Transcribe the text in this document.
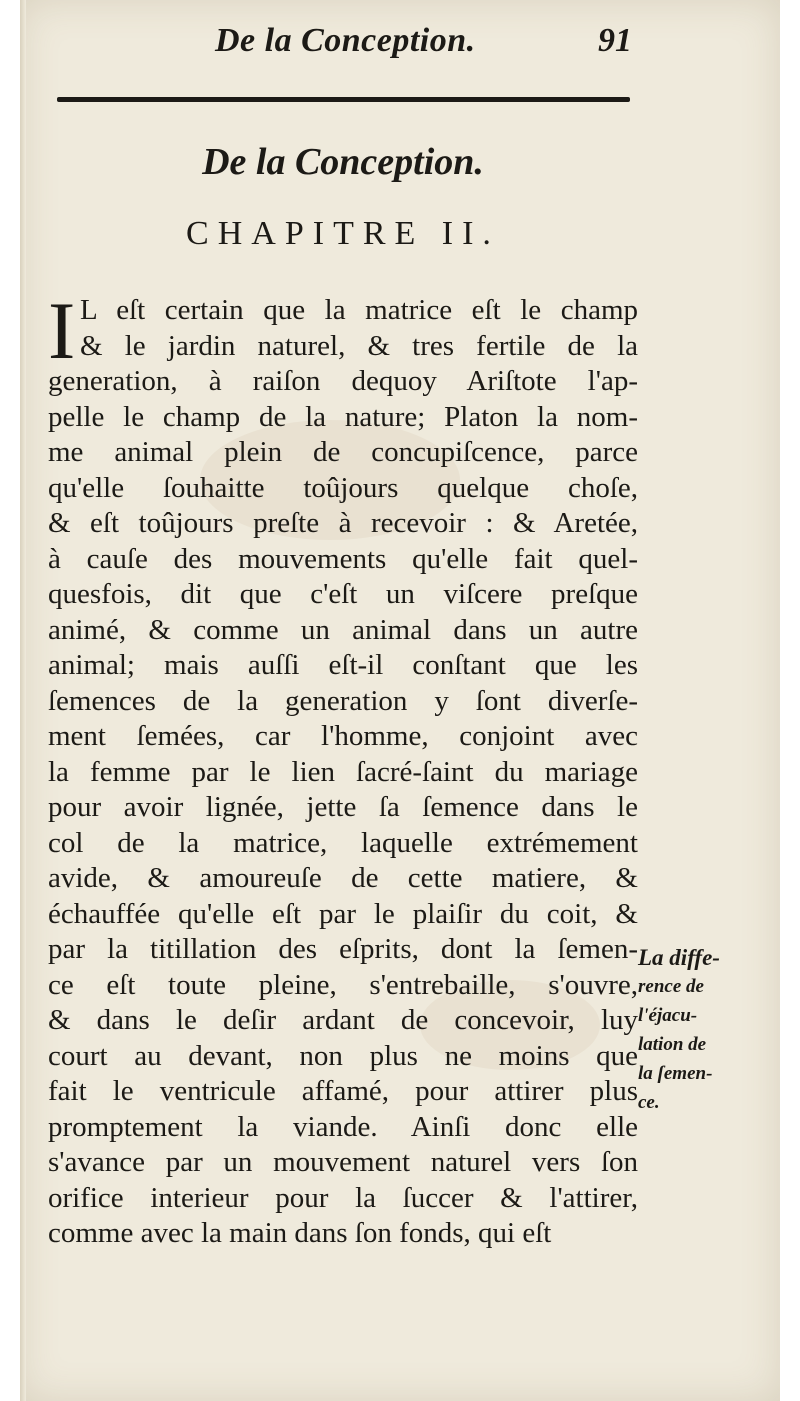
De la Conception.	91
De la Conception.
CHAPITRE II.
I L eſt certain que la matrice eſt le champ
& le jardin naturel, & tres fertile de la
generation, à raiſon dequoy Ariſtote l'ap-
pelle le champ de la nature; Platon la nom-
me animal plein de concupiſcence, parce
qu'elle ſouhaitte toûjours quelque choſe,
& eſt toûjours preſte à recevoir : & Aretée,
à cauſe des mouvements qu'elle fait quel-
quesfois, dit que c'eſt un viſcere preſque
animé, & comme un animal dans un autre
animal; mais auſſi eſt-il conſtant que les
ſemences de la generation y ſont diverſe-
ment ſemées, car l'homme, conjoint avec
la femme par le lien ſacré-ſaint du mariage
pour avoir lignée, jette ſa ſemence dans le
col de la matrice, laquelle extrémement
avide, & amoureuſe de cette matiere, &
échauffée qu'elle eſt par le plaiſir du coit, &
par la titillation des eſprits, dont la ſemen-
ce eſt toute pleine, s'entrebaille, s'ouvre,
& dans le deſir ardant de concevoir, luy
court au devant, non plus ne moins que
fait le ventricule affamé, pour attirer plus
promptement la viande. Ainſi donc elle
s'avance par un mouvement naturel vers ſon
orifice interieur pour la ſuccer & l'attirer,
comme avec la main dans ſon fonds, qui eſt
La diffe-
rence de
l'éjacu-
lation de
la ſemen-
ce.
